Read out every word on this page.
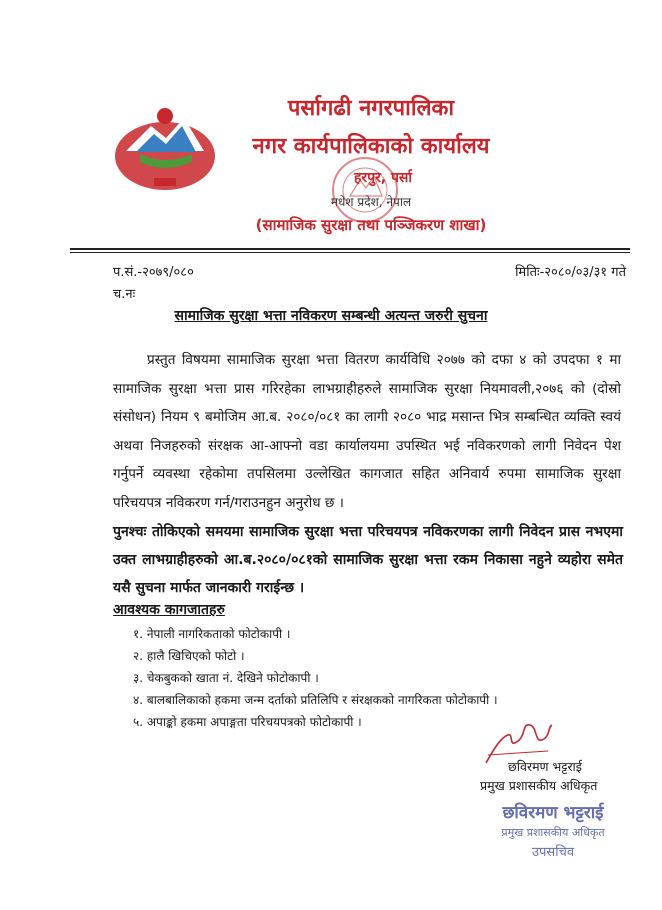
पर्सागढी नगरपालिका
नगर कार्यपालिकाको कार्यालय
हरपुर, पर्सा
मधेश प्रदेश, नेपाल
(सामाजिक सुरक्षा तथा पञ्जिकरण शाखा)
प.सं.-२०७९/०८०	मितिः-२०८०/०३/३१ गते
च.नः
सामाजिक सुरक्षा भत्ता नविकरण सम्बन्धी अत्यन्त जरुरी सुचना
प्रस्तुत विषयमा सामाजिक सुरक्षा भत्ता वितरण कार्यविधि २०७७ को दफा ४ को उपदफा १ मा सामाजिक सुरक्षा भत्ता प्रास गरिरहेका लाभग्राहीहरुले सामाजिक सुरक्षा नियमावली,२०७६ को (दोस्रो संसोधन) नियम ९ बमोजिम आ.ब. २०८०/०८१ का लागी २०८० भाद्र मसान्त भित्र सम्बन्धित व्यक्ति स्वयं अथवा निजहरुको संरक्षक आ-आफ्नो वडा कार्यालयमा उपस्थित भई नविकरणको लागी निवेदन पेश गर्नुपर्ने व्यवस्था रहेकोमा तपसिलमा उल्लेखित कागजात सहित अनिवार्य रुपमा सामाजिक सुरक्षा परिचयपत्र नविकरण गर्न/गराउनहुन अनुरोध छ ।
पुनश्चः तोकिएको समयमा सामाजिक सुरक्षा भत्ता परिचयपत्र नविकरणका लागी निवेदन प्रास नभएमा उक्त लाभग्राहीहरुको आ.ब.२०८०/०८१को सामाजिक सुरक्षा भत्ता रकम निकासा नहुने व्यहोरा समेत यसै सुचना मार्फत जानकारी गराईन्छ ।
आवश्यक कागजातहरु
१. नेपाली नागरिकताको फोटोकापी ।
२. हालै खिचिएको फोटो ।
३. चेकबुकको खाता नं. देखिने फोटोकापी ।
४. बालबालिकाको हकमा जन्म दर्ताको प्रतिलिपि र संरक्षकको नागरिकता फोटोकापी ।
५. अपाङ्को हकमा अपाङ्गता परिचयपत्रको फोटोकापी ।
छविरमण भट्टराई
प्रमुख प्रशासकीय अधिकृत
छविरमण भट्टराई
प्रमुख प्रशासकीय अधिकृत
उपसचिव
